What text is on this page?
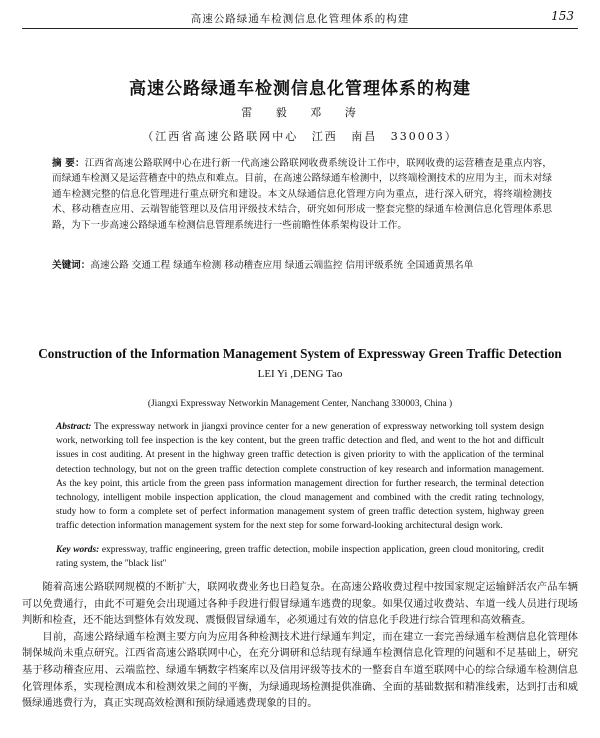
高速公路绿通车检测信息化管理体系的构建	153
高速公路绿通车检测信息化管理体系的构建
雷 毅 邓 涛
（江西省高速公路联网中心 江西 南昌 330003）
摘 要：江西省高速公路联网中心在进行新一代高速公路联网收费系统设计工作中，联网收费的运营稽查是重点内容，而绿通车检测又是运营稽查中的热点和难点。目前，在高速公路绿通车检测中，以终端检测技术的应用为主，而未对绿通车检测完整的信息化管理进行重点研究和建设。本文从绿通信息化管理方向为重点，进行深入研究，将终端检测技术、移动稽查应用、云端智能管理以及信用评级技术结合，研究如何形成一整套完整的绿通车检测信息化管理体系思路，为下一步高速公路绿通车检测信息管理系统进行一些前瞻性体系架构设计工作。
关键词：高速公路 交通工程 绿通车检测 移动稽查应用 绿通云端监控 信用评级系统 全国通黄黑名单
Construction of the Information Management System of Expressway Green Traffic Detection
LEI Yi ,DENG Tao
(Jiangxi Expressway Networkin Management Center, Nanchang 330003, China )
Abstract: The expressway network in jiangxi province center for a new generation of expressway networking toll system design work, networking toll fee inspection is the key content, but the green traffic detection and fled, and went to the hot and difficult issues in cost auditing. At present in the highway green traffic detection is given priority to with the application of the terminal detection technology, but not on the green traffic detection complete construction of key research and information management. As the key point, this article from the green pass information management direction for further research, the terminal detection technology, intelligent mobile inspection application, the cloud management and combined with the credit rating technology, study how to form a complete set of perfect information management system of green traffic detection system, highway green traffic detection information management system for the next step for some forward-looking architectural design work.
Key words: expressway, traffic engineering, green traffic detection, mobile inspection application, green cloud monitoring, credit rating system, the "black list"

随着高速公路联网规模的不断扩大，联网收费业务也日趋复杂。在高速公路收费过程中按国家规定运输鲜活农产品车辆可以免费通行，由此不可避免会出现通过各种手段进行假冒绿通车逃费的现象。如果仅通过收费站、车道一线人员进行现场判断和检查，还不能达到整体有效发现、震慑假冒绿通车，必须通过有效的信息化手段进行综合管理和高效稽查。

目前，高速公路绿通车检测主要方向为应用各种检测技术进行绿通车判定，而在建立一套完善绿通车检测信息化管理体制保城尚未重点研究。江西省高速公路联网中心，在充分调研和总结现有绿通车检测信息化管理的问题和不足基础上，研究基于移动稽查应用、云端监控、绿通车辆数字档案库以及信用评级等技术的一整套自车道至联网中心的综合绿通车检测信息化管理体系，实现检测成本和检测效果之间的平衡，为绿通现场检测提供准确、全面的基础数据和精准线索，达到打击和威慑绿通逃费行为，真正实现高效检测和预防绿通逃费现象的目的。
